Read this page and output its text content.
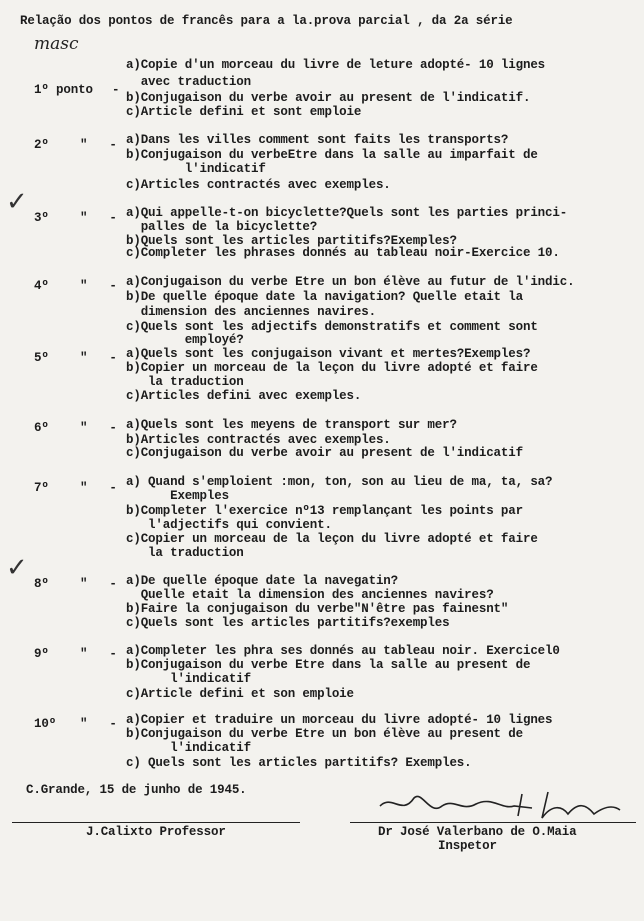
Relação dos pontos de francês para a la.prova parcial , da 2a série
masc
1º ponto -
a)Copie d'un morceau du livre de leture adopté- 10 lignes
avec traduction
b)Conjugaison du verbe avoir au present de l'indicatif.
c)Article defini et sont emploie
2º	"   - a)Dans les villes comment sont faits les transports?
b)Conjugaison du verbeEtre dans la salle au imparfait de
l'indicatif
c)Articles contractés avec exemples.
✓
3º	"   - a)Qui appelle-t-on bicyclette?Quels sont les parties princi-
palles de la bicyclette?
b)Quels sont les articles partitifs?Exemples?
c)Completer les phrases donnés au tableau noir-Exercice 10.
4º	"   - a)Conjugaison du verbe Etre un bon élève au futur de l'indic.
b)De quelle époque date la navigation? Quelle etait la
dimension des anciennes navires.
c)Quels sont les adjectifs demonstratifs et comment sont
employé?
5º	"   - a)Quels sont les conjugaison vivant et mertes?Exemples?
b)Copier un morceau de la leçon du livre adopté et faire
la traduction
c)Articles defini avec exemples.
6º	"   - a)Quels sont les meyens de transport sur mer?
b)Articles contractés avec exemples.
c)Conjugaison du verbe avoir au present de l'indicatif
7º	"   - a) Quand s'emploient :mon, ton, son au lieu de ma, ta, sa?
Exemples
b)Completer l'exercice nº13 remplançant les points par
l'adjectifs qui convient.
c)Copier un morceau de la leçon du livre adopté et faire
la traduction
✓
8º	"   - a)De quelle époque date la navegatin?
Quelle etait la dimension des anciennes navires?
b)Faire la conjugaison du verbe"N'être pas fainesnt"
c)Quels sont les articles partitifs?exemples
9º	"   - a)Completer les phra ses donnés au tableau noir. Exercicel0
b)Conjugaison du verbe Etre dans la salle au present de
l'indicatif
c)Article defini et son emploie
10º "   - a)Copier et traduire un morceau du livre adopté- 10 lignes
b)Conjugaison du verbe Etre un bon élève au present de
l'indicatif
c) Quels sont les articles partitifs? Exemples.
C.Grande, 15 de junho de 1945.
J.Calixto Professor	Dr José Valerbano de O.Maia
Inspetor
